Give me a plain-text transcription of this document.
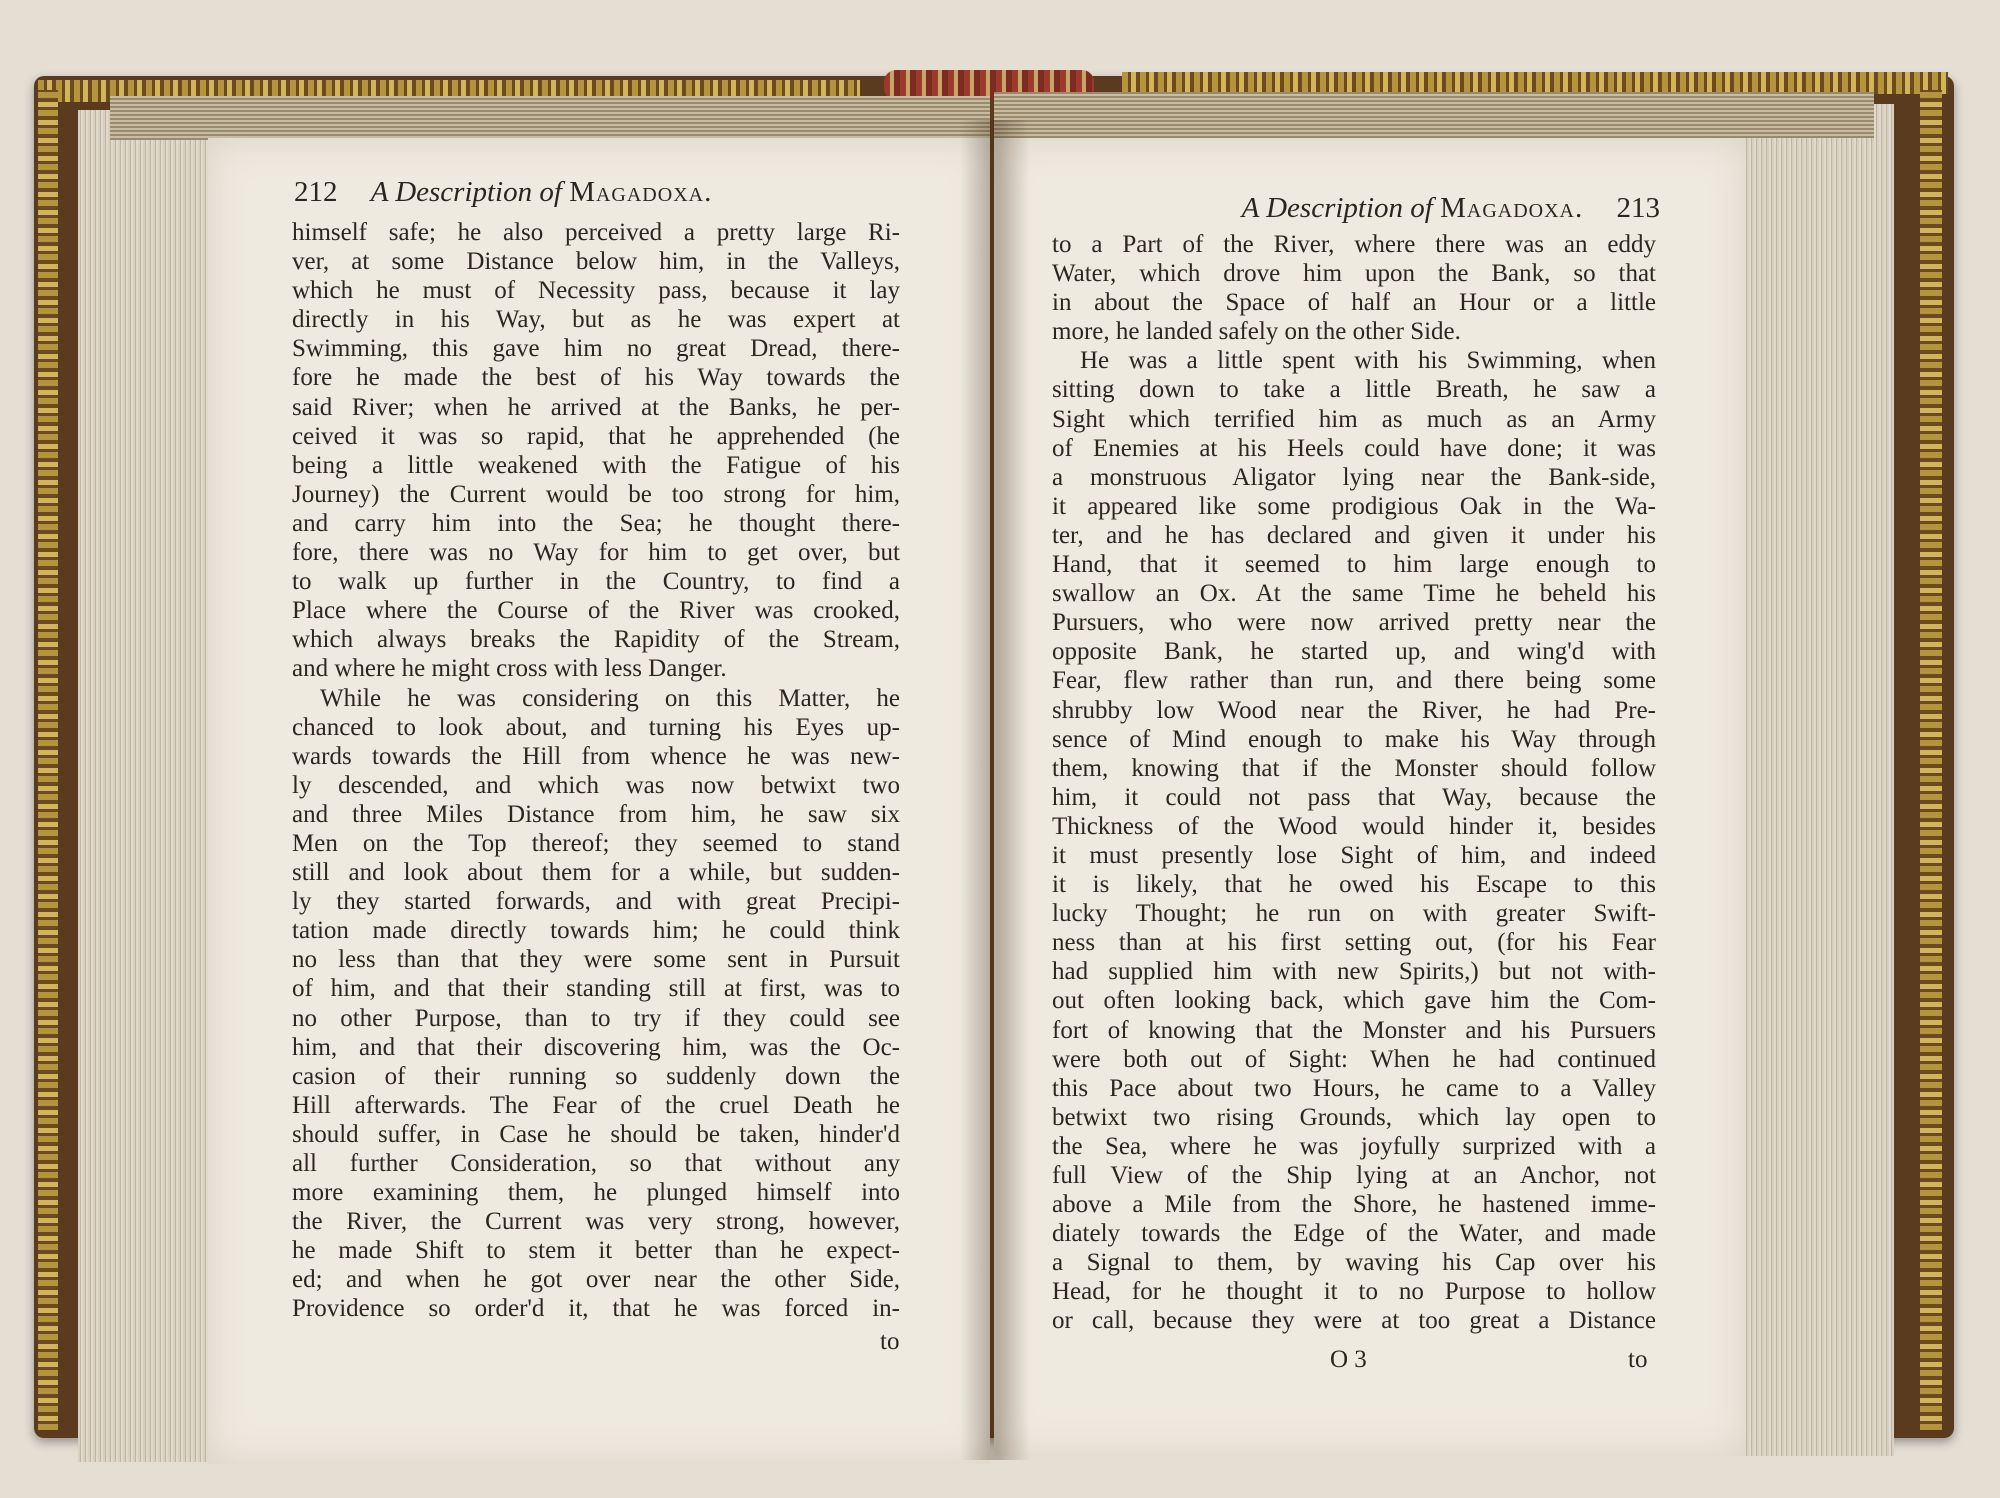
212 A Description of Magadoxa.	A Description of Magadoxa. 213
himself safe; he also perceived a pretty large Ri-
ver, at some Distance below him, in the Valleys,
which he must of Necessity pass, because it lay
directly in his Way, but as he was expert at
Swimming, this gave him no great Dread, there-
fore he made the best of his Way towards the
said River; when he arrived at the Banks, he per-
ceived it was so rapid, that he apprehended (he
being a little weakened with the Fatigue of his
Journey) the Current would be too strong for him,
and carry him into the Sea; he thought there-
fore, there was no Way for him to get over, but
to walk up further in the Country, to find a
Place where the Course of the River was crooked,
which always breaks the Rapidity of the Stream,
and where he might cross with less Danger.
While he was considering on this Matter, he
chanced to look about, and turning his Eyes up-
wards towards the Hill from whence he was new-
ly descended, and which was now betwixt two
and three Miles Distance from him, he saw six
Men on the Top thereof; they seemed to stand
still and look about them for a while, but sudden-
ly they started forwards, and with great Precipi-
tation made directly towards him; he could think
no less than that they were some sent in Pursuit
of him, and that their standing still at first, was to
no other Purpose, than to try if they could see
him, and that their discovering him, was the Oc-
casion of their running so suddenly down the
Hill afterwards. The Fear of the cruel Death he
should suffer, in Case he should be taken, hinder'd
all further Consideration, so that without any
more examining them, he plunged himself into
the River, the Current was very strong, however,
he made Shift to stem it better than he expect-
ed; and when he got over near the other Side,
Providence so order'd it, that he was forced in-
to
to a Part of the River, where there was an eddy
Water, which drove him upon the Bank, so that
in about the Space of half an Hour or a little
more, he landed safely on the other Side.
He was a little spent with his Swimming, when
sitting down to take a little Breath, he saw a
Sight which terrified him as much as an Army
of Enemies at his Heels could have done; it was
a monstruous Aligator lying near the Bank-side,
it appeared like some prodigious Oak in the Wa-
ter, and he has declared and given it under his
Hand, that it seemed to him large enough to
swallow an Ox. At the same Time he beheld his
Pursuers, who were now arrived pretty near the
opposite Bank, he started up, and wing'd with
Fear, flew rather than run, and there being some
shrubby low Wood near the River, he had Pre-
sence of Mind enough to make his Way through
them, knowing that if the Monster should follow
him, it could not pass that Way, because the
Thickness of the Wood would hinder it, besides
it must presently lose Sight of him, and indeed
it is likely, that he owed his Escape to this
lucky Thought; he run on with greater Swift-
ness than at his first setting out, (for his Fear
had supplied him with new Spirits,) but not with-
out often looking back, which gave him the Com-
fort of knowing that the Monster and his Pursuers
were both out of Sight: When he had continued
this Pace about two Hours, he came to a Valley
betwixt two rising Grounds, which lay open to
the Sea, where he was joyfully surprized with a
full View of the Ship lying at an Anchor, not
above a Mile from the Shore, he hastened imme-
diately towards the Edge of the Water, and made
a Signal to them, by waving his Cap over his
Head, for he thought it to no Purpose to hollow
or call, because they were at too great a Distance
O 3	to
